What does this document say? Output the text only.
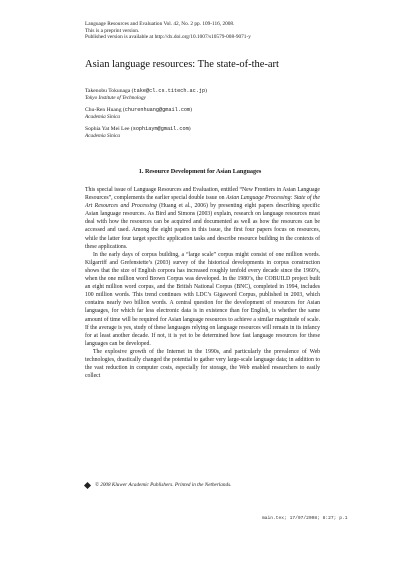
Language Resources and Evaluation Vol. 42, No. 2 pp. 109-116, 2008.
This is a preprint version.
Published version is available at http://dx.doi.org/10.1007/s10579-008-9071-y
Asian language resources: The state-of-the-art
Takenobu Tokunaga (take@cl.cs.titech.ac.jp)
Tokyo Institute of Technology
Chu-Ren Huang (churenhuang@gmail.com)
Academia Sinica
Sophia Yat Mei Lee (sophiaym@gmail.com)
Academia Sinica
1. Resource Development for Asian Languages

This special issue of Language Resources and Evaluation, entitled “New Frontiers in Asian Language Resources”, complements the earlier special double issue on Asian Language Processing: State of the Art Resources and Processing (Huang et al., 2006) by presenting eight papers describing specific Asian language resources. As Bird and Simons (2003) explain, research on language resources must deal with how the resources can be acquired and documented as well as how the resources can be accessed and used. Among the eight papers in this issue, the first four papers focus on resources, while the latter four target specific application tasks and describe resource building in the contexts of these applications.

In the early days of corpus building, a “large scale” corpus might consist of one million words. Kilgarriff and Grefenstette’s (2003) survey of the historical developments in corpus construction shows that the size of English corpora has increased roughly tenfold every decade since the 1960’s, when the one million word Brown Corpus was developed. In the 1980’s, the COBUILD project built an eight million word corpus, and the British National Corpus (BNC), completed in 1994, includes 100 million words. This trend continues with LDC’s Gigaword Corpus, published in 2003, which contains nearly two billion words. A central question for the development of resources for Asian languages, for which far less electronic data is in existence than for English, is whether the same amount of time will be required for Asian language resources to achieve a similar magnitude of scale. If the average is yes, study of these languages relying on language resources will remain in its infancy for at least another decade. If not, it is yet to be determined how fast language resources for these languages can be developed.

The explosive growth of the Internet in the 1990s, and particularly the prevalence of Web technologies, drastically changed the potential to gather very large-scale language data; in addition to the vast reduction in computer costs, especially for storage, the Web enabled researchers to easily collect

© 2008 Kluwer Academic Publishers. Printed in the Netherlands.
main.tex; 17/07/2008; 8:27; p.1
